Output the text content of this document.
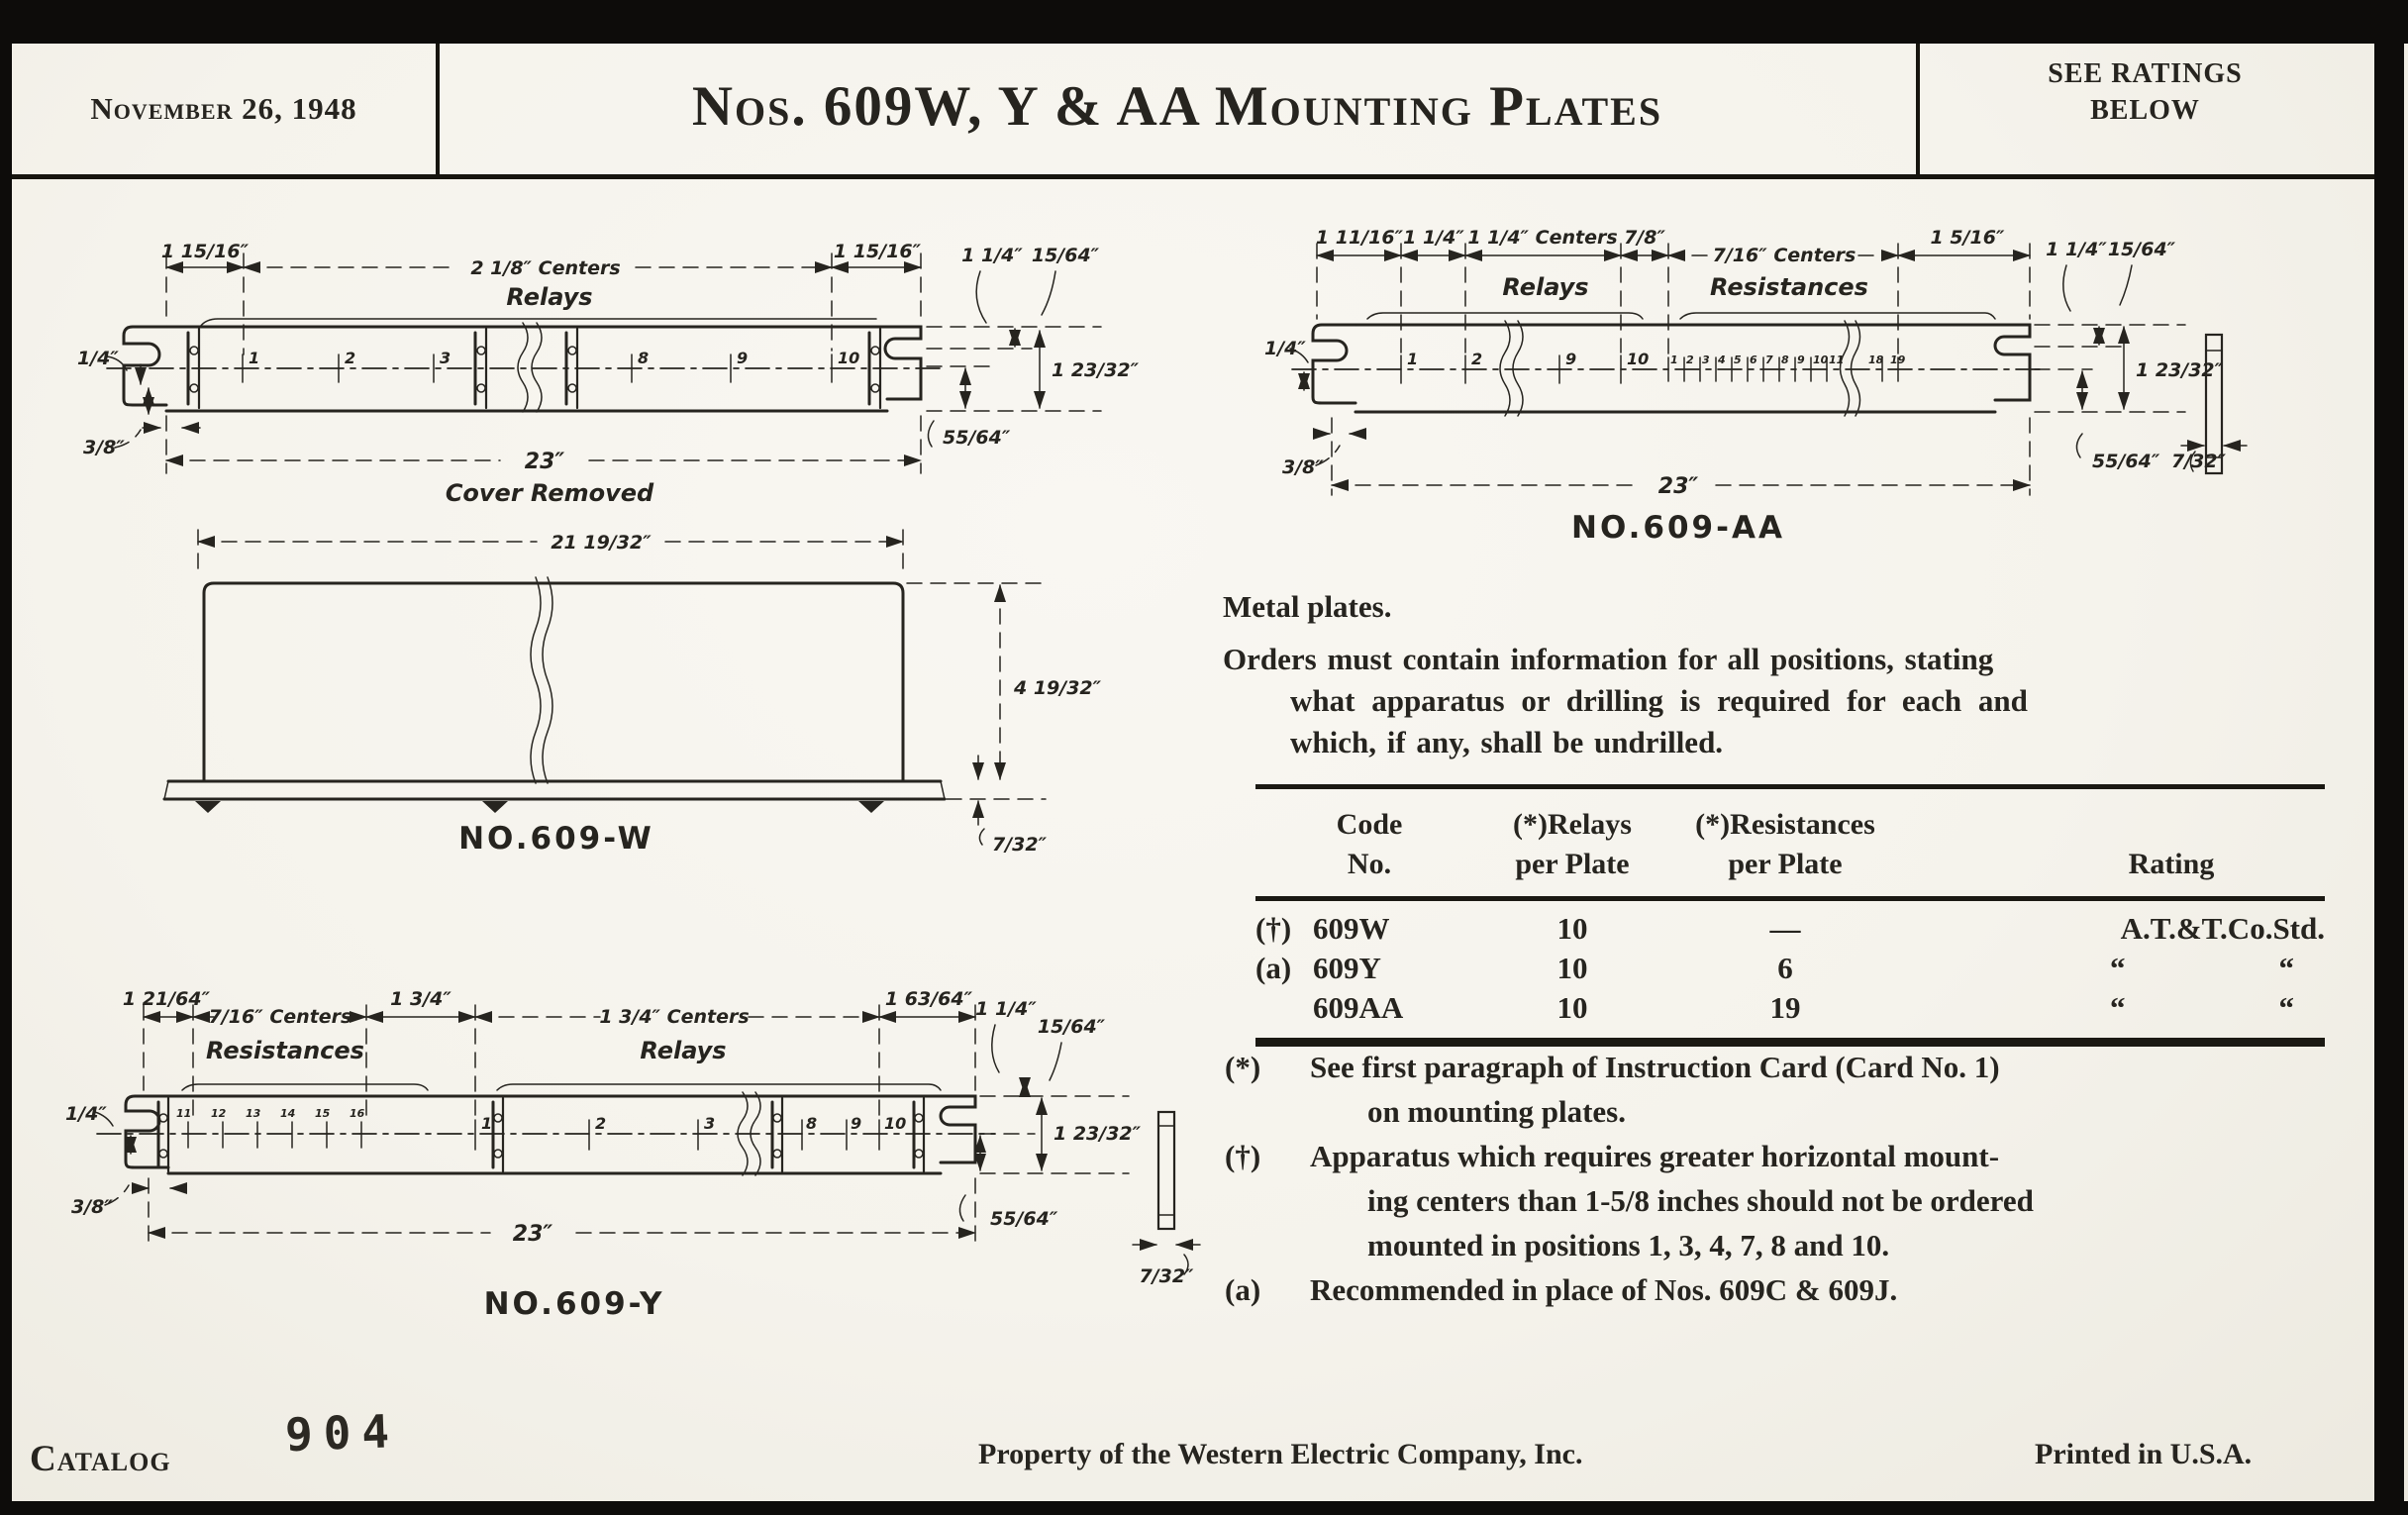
November 26, 1948	Nos. 609W, Y & AA Mounting Plates
SEE RATINGS
BELOW
1	2	3	8	9	10
1 15/16″
2 1/8″ Centers
Relays
1 15/16″ 1 1/4″ 15/64″
1 23/32″
55/64″
1/4″
3/8″
23″
Cover Removed
21 19/32″
4 19/32″
7/32″
NO.609-W
11 12 13 14 15 16
1	2	3	8 9 10
1 21/64″
7/16″ Centers
Resistances
1 3/4″
1 3/4″ Centers
Relays
1 63/64″ 1 1/4″
15/64″
1 23/32″
55/64″
7/32″
1/4″
3/8″
23″
NO.609-Y
1	2	9	10 1 2 3 4 5 6 7 8 9 10 11 18 19
1 11/16″ 1 1/4″ 1 1/4″ Centers
Relays
7/8″
7/16″ Centers
Resistances
1 5/16″
1 1/4″ 15/64″
1 23/32″
55/64″ 7/32″
1/4″
3/8″
23″
NO.609-AA
Metal plates.
Orders must contain information for all positions, stating
what apparatus or drilling is required for each and
which, if any, shall be undrilled.
Code
No.
(*)Relays
per Plate
(*)Resistances
per Plate	Rating
(†) 609W	10	—	A.T.&T.Co.Std.
(a) 609Y	10	6	“     “ 
609AA	10	19	“     “ 
(*) See first paragraph of Instruction Card (Card No. 1)
on mounting plates.
(†) Apparatus which requires greater horizontal mount-
ing centers than 1-5/8 inches should not be ordered
mounted in positions 1, 3, 4, 7, 8 and 10.
(a) Recommended in place of Nos. 609C & 609J.
Catalog 904	Property of the Western Electric Company, Inc.	Printed in U.S.A.
